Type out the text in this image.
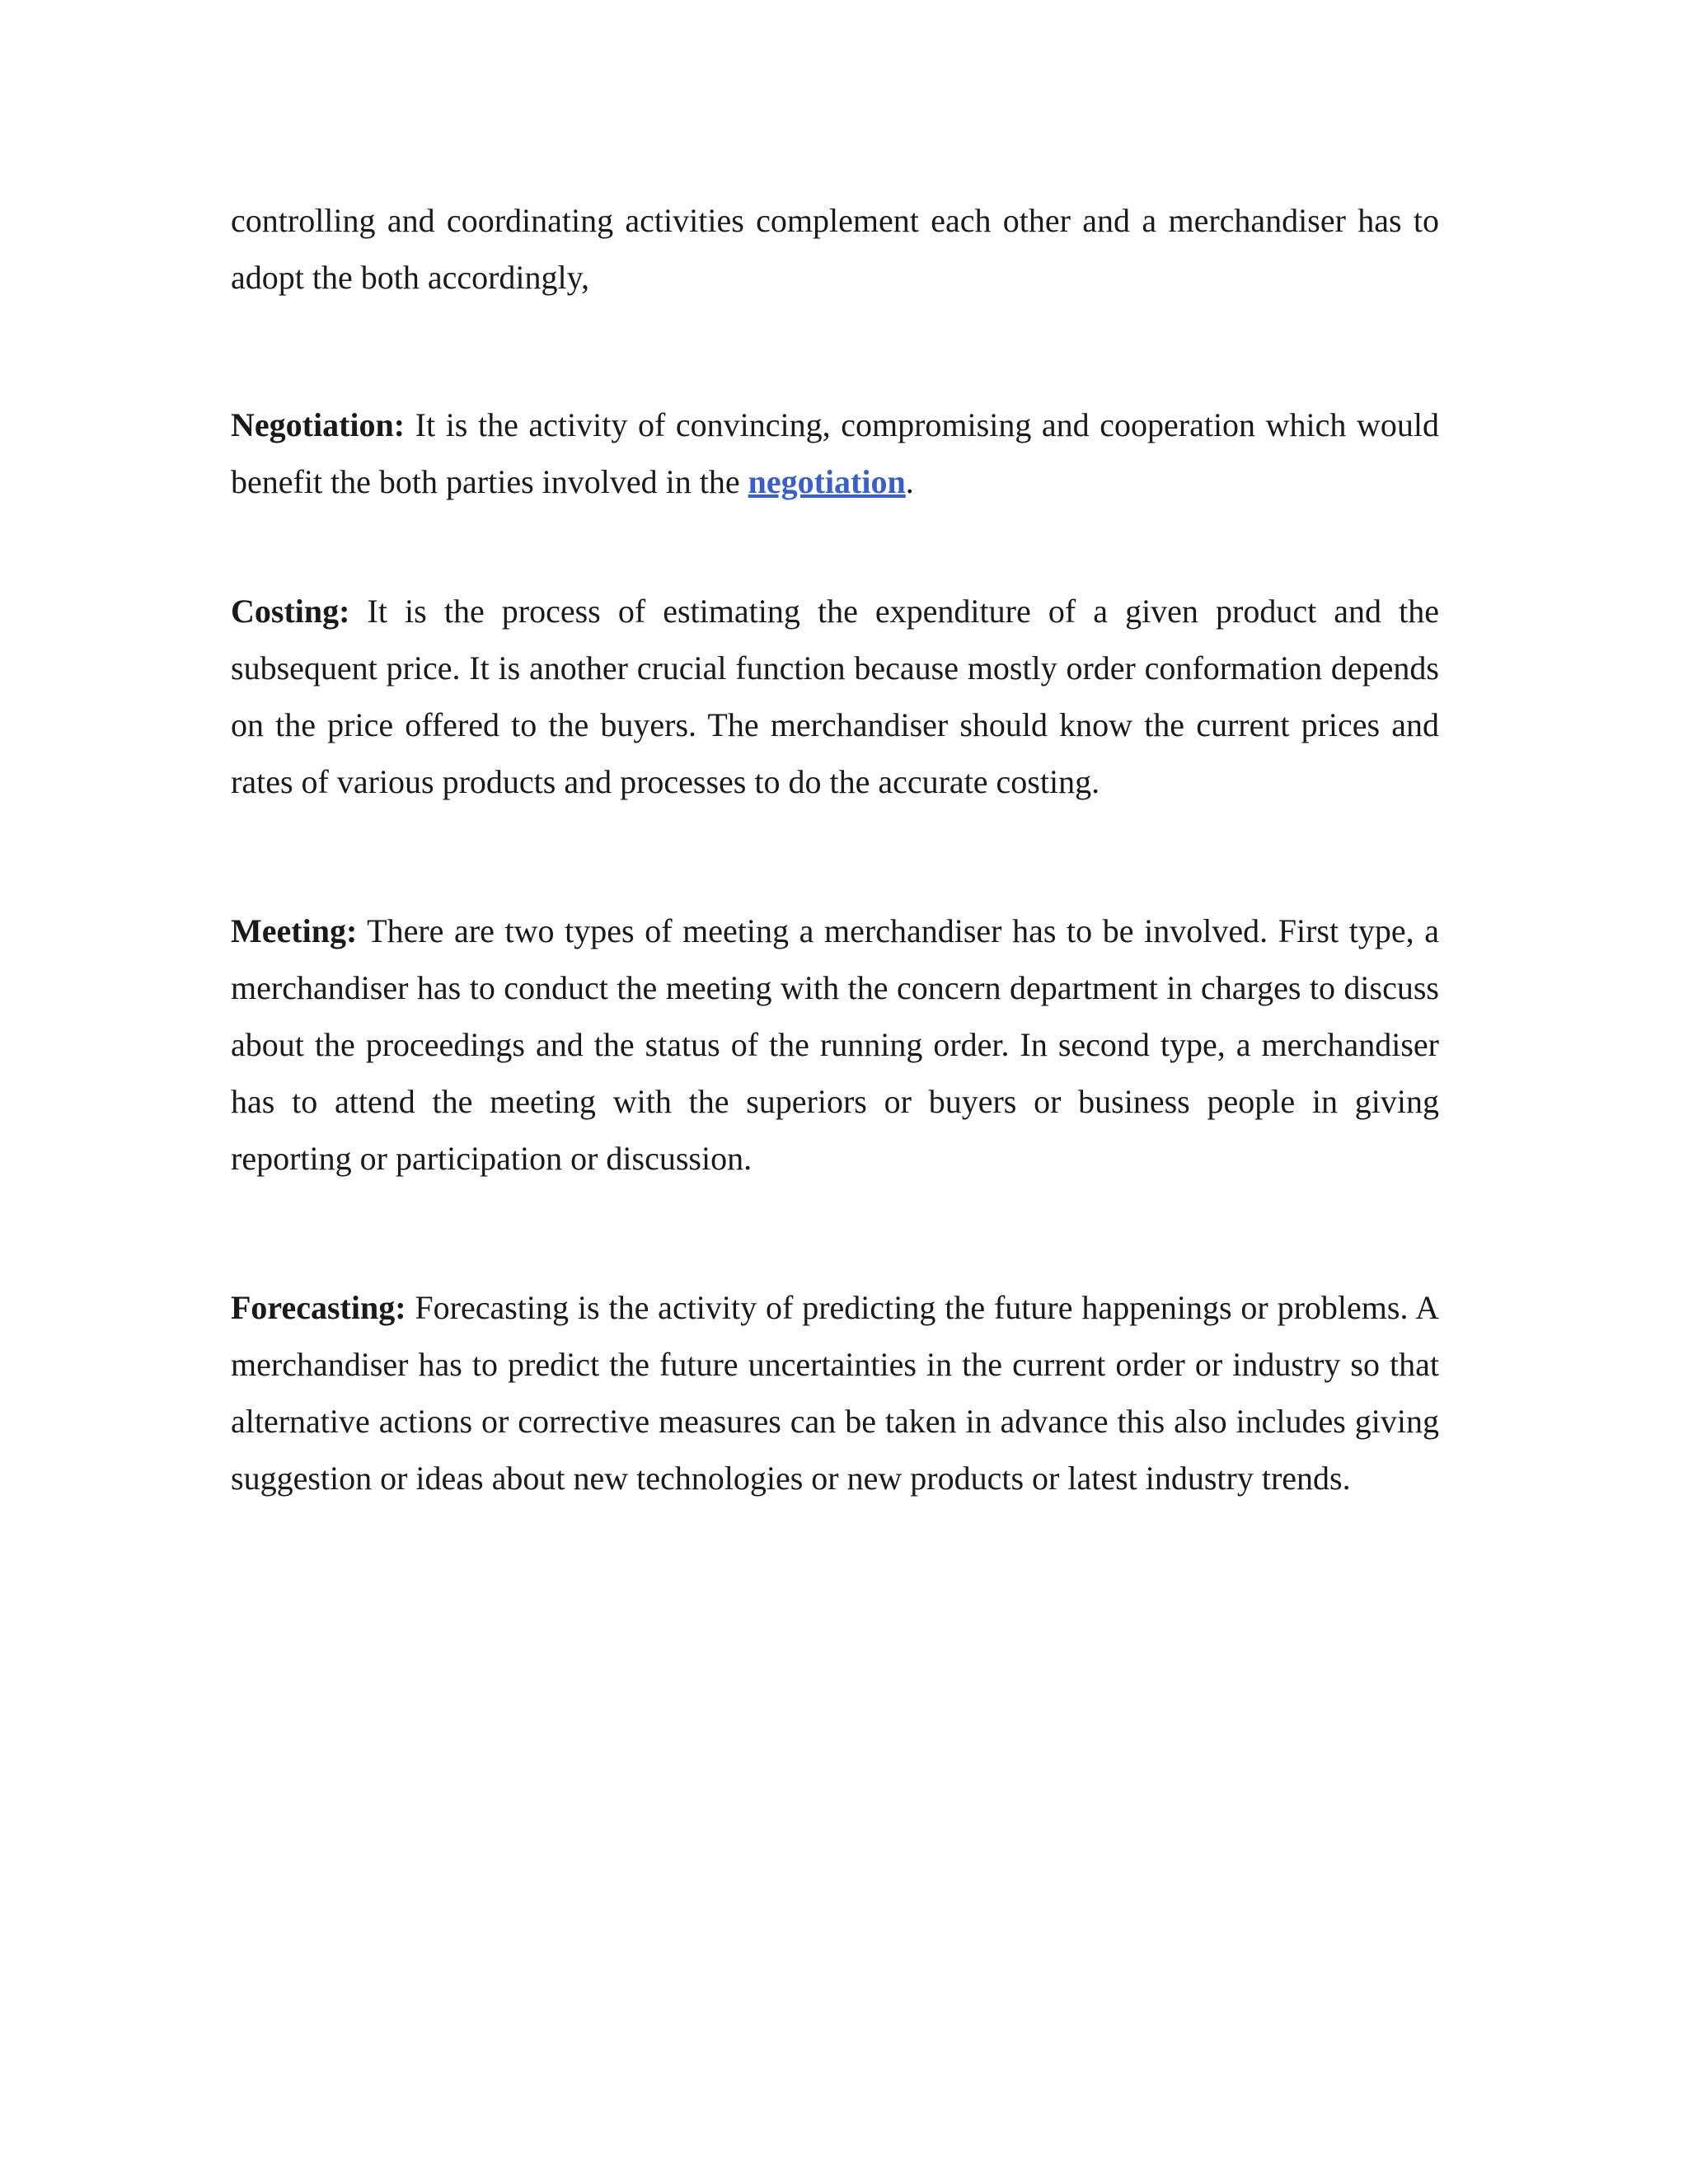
controlling and coordinating activities complement each other and a merchandiser has to adopt the both accordingly,

Negotiation: It is the activity of convincing, compromising and cooperation which would benefit the both parties involved in the negotiation.

Costing: It is the process of estimating the expenditure of a given product and the subsequent price. It is another crucial function because mostly order conformation depends on the price offered to the buyers. The merchandiser should know the current prices and rates of various products and processes to do the accurate costing.

Meeting: There are two types of meeting a merchandiser has to be involved. First type, a merchandiser has to conduct the meeting with the concern department in charges to discuss about the proceedings and the status of the running order. In second type, a merchandiser has to attend the meeting with the superiors or buyers or business people in giving reporting or participation or discussion.

Forecasting: Forecasting is the activity of predicting the future happenings or problems. A merchandiser has to predict the future uncertainties in the current order or industry so that alternative actions or corrective measures can be taken in advance this also includes giving suggestion or ideas about new technologies or new products or latest industry trends.
